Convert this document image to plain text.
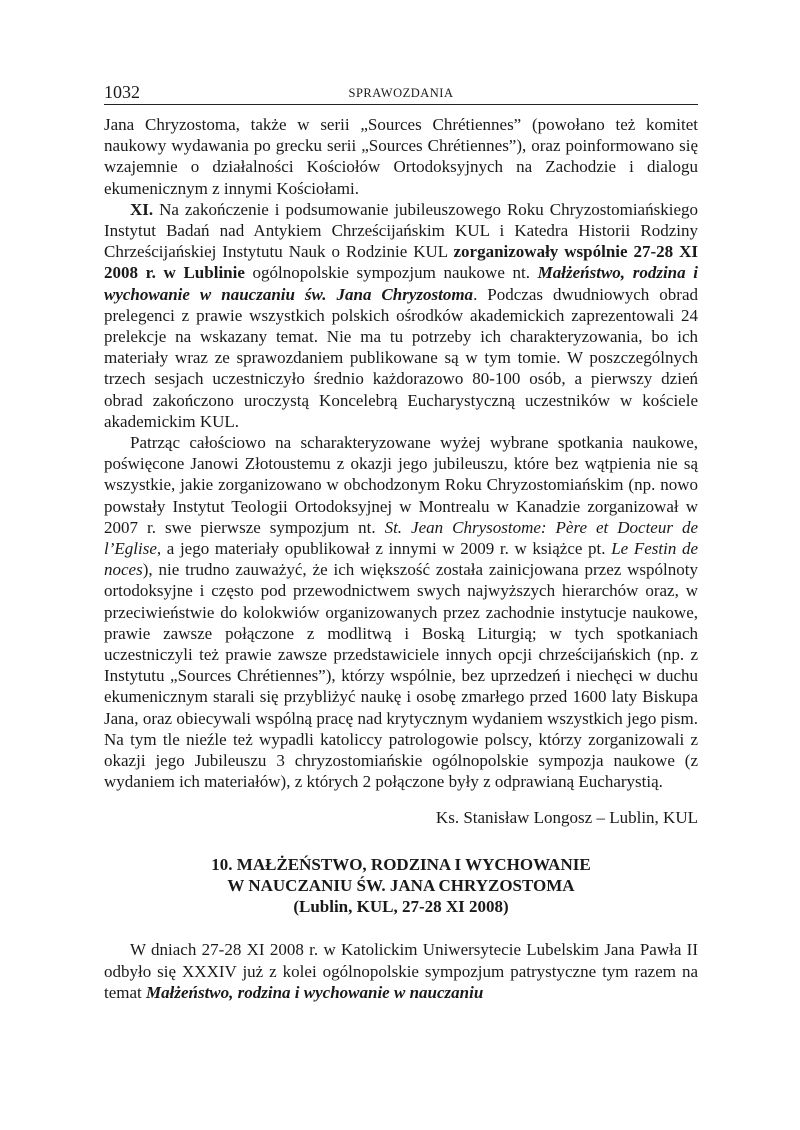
1032	SPRAWOZDANIA

Jana Chryzostoma, także w serii „Sources Chrétiennes” (powołano też komitet naukowy wydawania po grecku serii „Sources Chrétiennes”), oraz poinformowano się wzajemnie o działalności Kościołów Ortodoksyjnych na Zachodzie i dialogu ekumenicznym z innymi Kościołami.

XI. Na zakończenie i podsumowanie jubileuszowego Roku Chryzostomiańskiego Instytut Badań nad Antykiem Chrześcijańskim KUL i Katedra Historii Rodziny Chrześcijańskiej Instytutu Nauk o Rodzinie KUL zorganizowały wspólnie 27-28 XI 2008 r. w Lublinie ogólnopolskie sympozjum naukowe nt. Małżeństwo, rodzina i wychowanie w nauczaniu św. Jana Chryzostoma. Podczas dwudniowych obrad prelegenci z prawie wszystkich polskich ośrodków akademickich zaprezentowali 24 prelekcje na wskazany temat. Nie ma tu potrzeby ich charakteryzowania, bo ich materiały wraz ze sprawozdaniem publikowane są w tym tomie. W poszczególnych trzech sesjach uczestniczyło średnio każdorazowo 80-100 osób, a pierwszy dzień obrad zakończono uroczystą Koncelebrą Eucharystyczną uczestników w kościele akademickim KUL.

Patrząc całościowo na scharakteryzowane wyżej wybrane spotkania naukowe, poświęcone Janowi Złotoustemu z okazji jego jubileuszu, które bez wątpienia nie są wszystkie, jakie zorganizowano w obchodzonym Roku Chryzostomiańskim (np. nowo powstały Instytut Teologii Ortodoksyjnej w Montrealu w Kanadzie zorganizował w 2007 r. swe pierwsze sympozjum nt. St. Jean Chrysostome: Père et Docteur de l’Eglise, a jego materiały opublikował z innymi w 2009 r. w książce pt. Le Festin de noces), nie trudno zauważyć, że ich większość została zainicjowana przez wspólnoty ortodoksyjne i często pod przewodnictwem swych najwyższych hierarchów oraz, w przeciwieństwie do kolokwiów organizowanych przez zachodnie instytucje naukowe, prawie zawsze połączone z modlitwą i Boską Liturgią; w tych spotkaniach uczestniczyli też prawie zawsze przedstawiciele innych opcji chrześcijańskich (np. z Instytutu „Sources Chrétiennes”), którzy wspólnie, bez uprzedzeń i niechęci w duchu ekumenicznym starali się przybliżyć naukę i osobę zmarłego przed 1600 laty Biskupa Jana, oraz obiecywali wspólną pracę nad krytycznym wydaniem wszystkich jego pism. Na tym tle nieźle też wypadli katoliccy patrologowie polscy, którzy zorganizowali z okazji jego Jubileuszu 3 chryzostomiańskie ogólnopolskie sympozja naukowe (z wydaniem ich materiałów), z których 2 połączone były z odprawianą Eucharystią.

Ks. Stanisław Longosz – Lublin, KUL

10. MAŁŻEŃSTWO, RODZINA I WYCHOWANIE
W NAUCZANIU ŚW. JANA CHRYZOSTOMA
(Lublin, KUL, 27-28 XI 2008)

W dniach 27-28 XI 2008 r. w Katolickim Uniwersytecie Lubelskim Jana Pawła II odbyło się XXXIV już z kolei ogólnopolskie sympozjum patrystyczne tym razem na temat Małżeństwo, rodzina i wychowanie w nauczaniu
